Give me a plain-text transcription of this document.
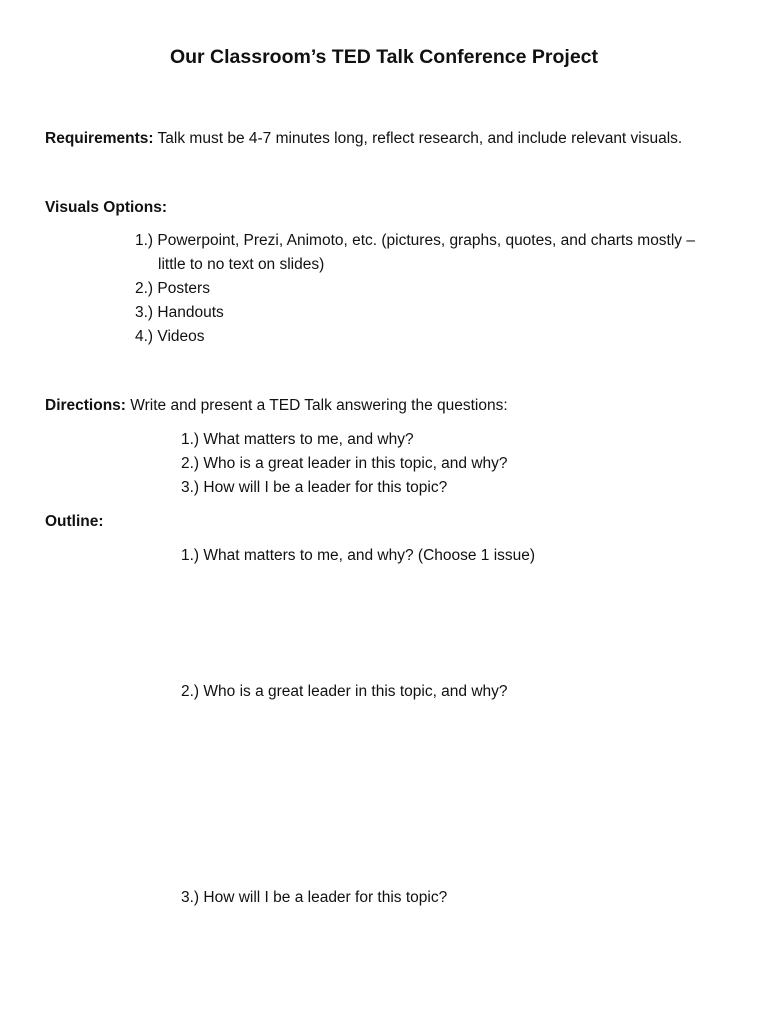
Our Classroom’s TED Talk Conference Project
Requirements: Talk must be 4-7 minutes long, reflect research, and include relevant visuals.
Visuals Options:
1.) Powerpoint, Prezi, Animoto, etc. (pictures, graphs, quotes, and charts mostly –
little to no text on slides)
2.) Posters
3.) Handouts
4.) Videos
Directions: Write and present a TED Talk answering the questions:
1.) What matters to me, and why?
2.) Who is a great leader in this topic, and why?
3.) How will I be a leader for this topic?
Outline:
1.) What matters to me, and why? (Choose 1 issue)
2.) Who is a great leader in this topic, and why?
3.) How will I be a leader for this topic?
